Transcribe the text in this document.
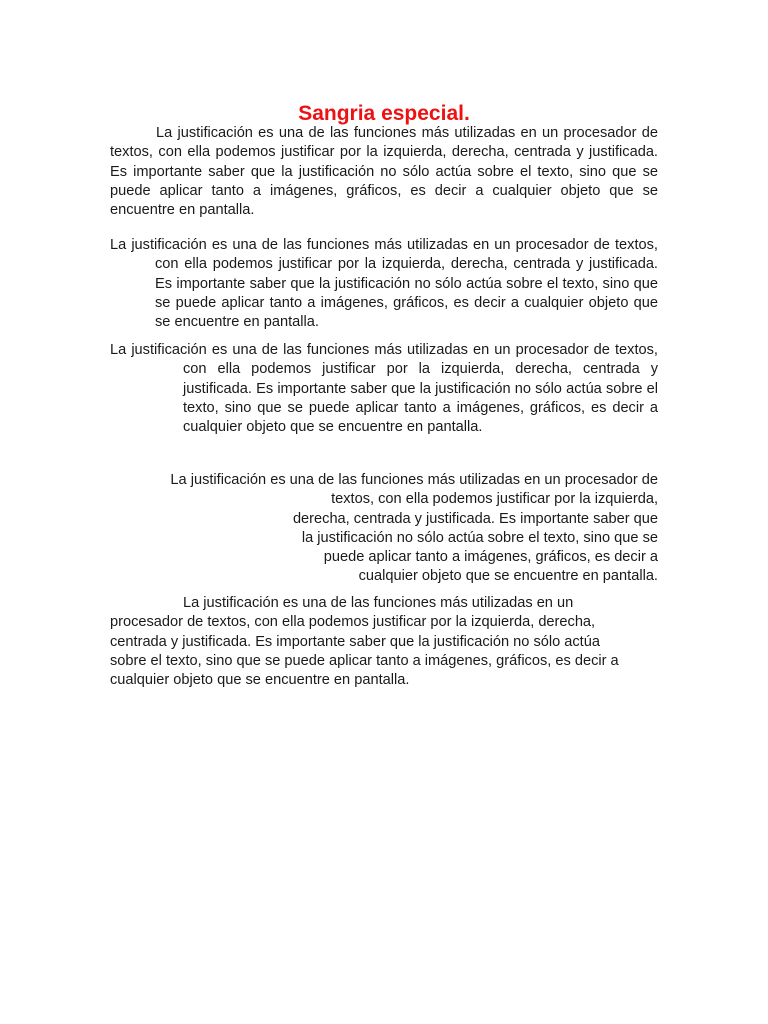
Sangria especial.

La justificación es una de las funciones más utilizadas en un procesador de textos, con ella podemos justificar por la izquierda, derecha, centrada y justificada. Es importante saber que la justificación no sólo actúa sobre el texto, sino que se puede aplicar tanto a imágenes, gráficos, es decir a cualquier objeto que se encuentre en pantalla.

La justificación es una de las funciones más utilizadas en un procesador de textos, con ella podemos justificar por la izquierda, derecha, centrada y justificada. Es importante saber que la justificación no sólo actúa sobre el texto, sino que se puede aplicar tanto a imágenes, gráficos, es decir a cualquier objeto que se encuentre en pantalla.

La justificación es una de las funciones más utilizadas en un procesador de textos, con ella podemos justificar por la izquierda, derecha, centrada y justificada. Es importante saber que la justificación no sólo actúa sobre el texto, sino que se puede aplicar tanto a imágenes, gráficos, es decir a cualquier objeto que se encuentre en pantalla.

La justificación es una de las funciones más utilizadas en un procesador de
textos, con ella podemos justificar por la izquierda,
derecha, centrada y justificada. Es importante saber que
la justificación no sólo actúa sobre el texto, sino que se
puede aplicar tanto a imágenes, gráficos, es decir a
cualquier objeto que se encuentre en pantalla.

La justificación es una de las funciones más utilizadas en un
procesador de textos, con ella podemos justificar por la izquierda, derecha,
centrada y justificada. Es importante saber que la justificación no sólo actúa
sobre el texto, sino que se puede aplicar tanto a imágenes, gráficos, es decir a
cualquier objeto que se encuentre en pantalla.
